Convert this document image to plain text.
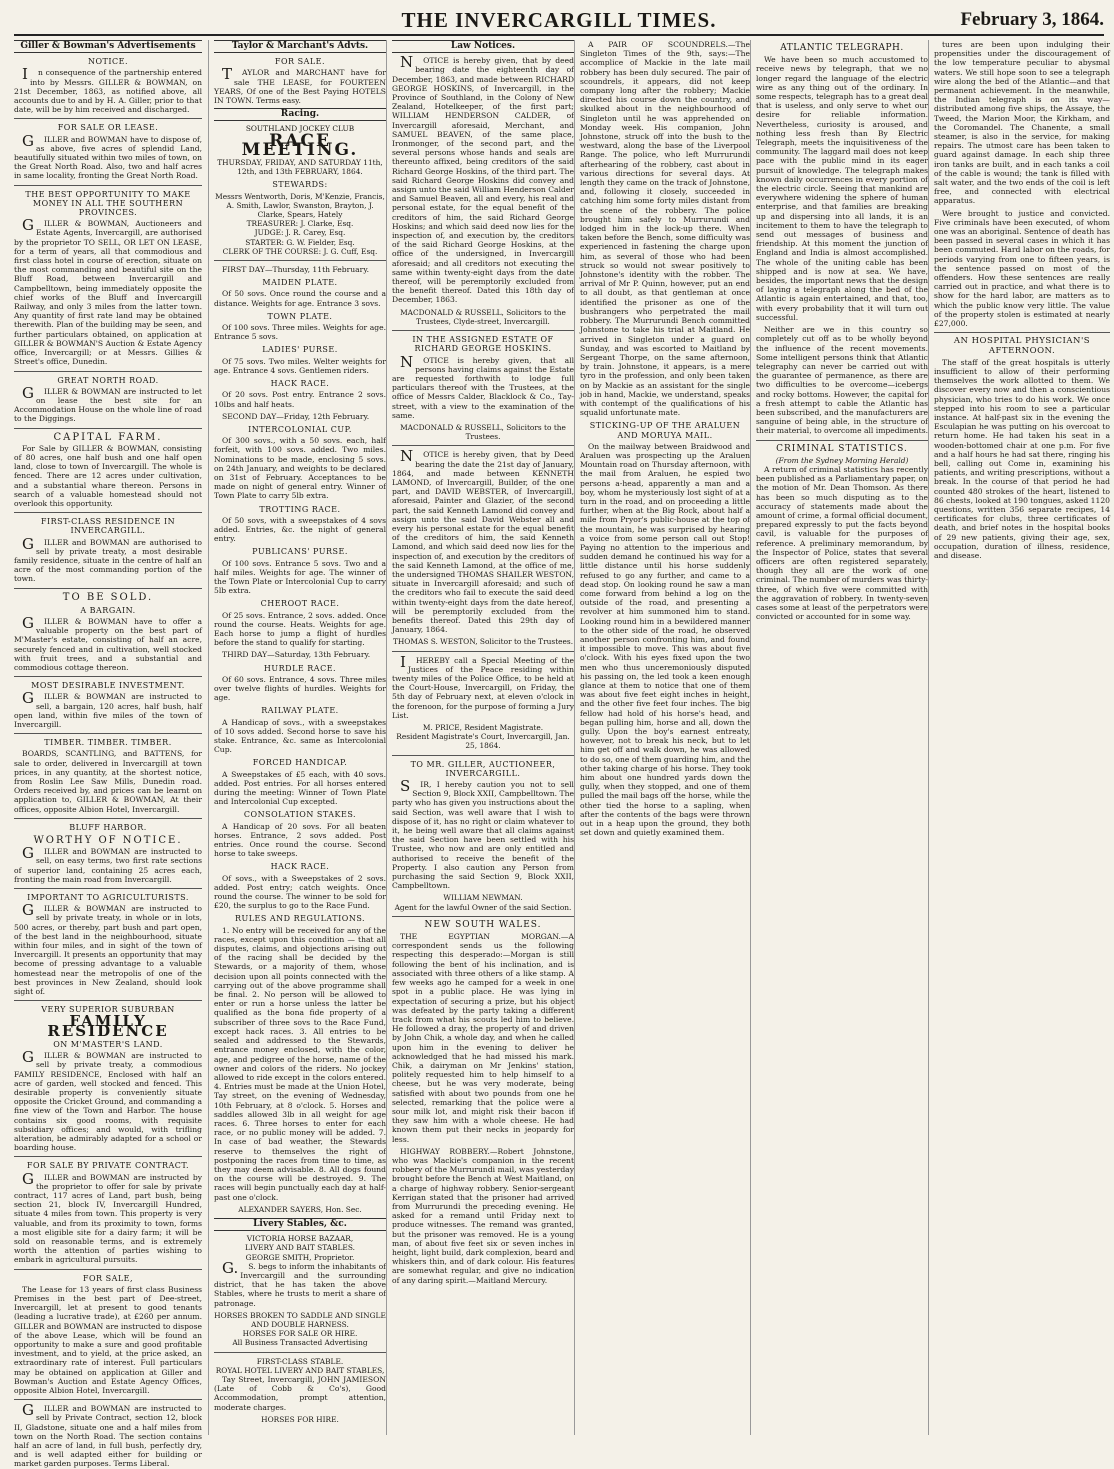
THE INVERCARGILL TIMES.	February 3, 1864.
Giller & Bowman's Advertisements
NOTICE.

In consequence of the partnership entered into by Messrs. GILLER & BOWMAN, on 21st December, 1863, as notified above, all accounts due to and by H. A. Giller, prior to that date, will be by him received and discharged.

FOR SALE OR LEASE.

GILLER and BOWMAN have to dispose of, as above, five acres of splendid Land, beautifully situated within two miles of town, on the Great North Road. Also, two and half acres in same locality, fronting the Great North Road.

THE BEST OPPORTUNITY TO MAKE MONEY IN ALL THE SOUTHERN PROVINCES.

GILLER & BOWMAN, Auctioneers and Estate Agents, Invercargill, are authorised by the proprietor TO SELL, OR LET ON LEASE, for a term of years, all that commodious and first class hotel in course of erection, situate on the most commanding and beautiful site on the Bluff Road, between Invercargill and Campbelltown, being immediately opposite the chief works of the Bluff and Invercargill Railway, and only 3 miles from the latter town. Any quantity of first rate land may be obtained therewith. Plan of the building may be seen, and further particulars obtained, on application at GILLER & BOWMAN'S Auction & Estate Agency office, Invercargill; or at Messrs. Gillies & Street's office, Dunedin.

GREAT NORTH ROAD.

GILLER & BOWMAN are instructed to let on lease the best site for an Accommodation House on the whole line of road to the Diggings.

CAPITAL FARM.

For Sale by GILLER & BOWMAN, consisting of 80 acres, one half bush and one half open land, close to town of Invercargill. The whole is fenced. There are 12 acres under cultivation, and a substantial whare thereon. Persons in search of a valuable homestead should not overlook this opportunity.

FIRST-CLASS RESIDENCE IN INVERCARGILL.

GILLER and BOWMAN are authorised to sell by private treaty, a most desirable family residence, situate in the centre of half an acre of the most commanding portion of the town.

TO BE SOLD.
A BARGAIN.

GILLER & BOWMAN have to offer a valuable property on the best part of M'Master's estate, consisting of half an acre, securely fenced and in cultivation, well stocked with fruit trees, and a substantial and commodious cottage thereon.

MOST DESIRABLE INVESTMENT.

GILLER & BOWMAN are instructed to sell, a bargain, 120 acres, half bush, half open land, within five miles of the town of Invercargill.

TIMBER. TIMBER. TIMBER.

BOARDS, SCANTLING, and BATTENS, for sale to order, delivered in Invercargill at town prices, in any quantity, at the shortest notice, from Roslin Lee Saw Mills, Dunedin road. Orders received by, and prices can be learnt on application to, GILLER & BOWMAN, At their offices, opposite Albion Hotel, Invercargill.

BLUFF HARBOR.
WORTHY OF NOTICE.

GILLER and BOWMAN are instructed to sell, on easy terms, two first rate sections of superior land, containing 25 acres each, fronting the main road from Invercargill.

IMPORTANT TO AGRICULTURISTS.

GILLER & BOWMAN are instructed to sell by private treaty, in whole or in lots, 500 acres, or thereby, part bush and part open, of the best land in the neighbourhood, situate within four miles, and in sight of the town of Invercargill. It presents an opportunity that may become of pressing advantage to a valuable homestead near the metropolis of one of the best provinces in New Zealand, should look sight of.

VERY SUPERIOR SUBURBAN
FAMILY RESIDENCE
ON M'MASTER'S LAND.

GILLER & BOWMAN are instructed to sell by private treaty, a commodious FAMILY RESIDENCE, Enclosed with half an acre of garden, well stocked and fenced. This desirable property is conveniently situate opposite the Cricket Ground, and commanding a fine view of the Town and Harbor. The house contains six good rooms, with requisite subsidiary offices; and would, with trifling alteration, be admirably adapted for a school or boarding house.

FOR SALE BY PRIVATE CONTRACT.

GILLER and BOWMAN are instructed by the proprietor to offer for sale by private contract, 117 acres of Land, part bush, being section 21, block IV, Invercargill Hundred, situate 4 miles from town. This property is very valuable, and from its proximity to town, forms a most eligible site for a dairy farm; it will be sold on reasonable terms, and is extremely worth the attention of parties wishing to embark in agricultural pursuits.

FOR SALE,

The Lease for 13 years of first class Business Premises in the best part of Dee-street, Invercargill, let at present to good tenants (leading a lucrative trade), at £260 per annum. GILLER and BOWMAN are instructed to dispose of the above Lease, which will be found an opportunity to make a sure and good profitable investment, and to yield, at the price asked, an extraordinary rate of interest. Full particulars may be obtained on application at Giller and Bowman's Auction and Estate Agency Offices, opposite Albion Hotel, Invercargill.

GILLER and BOWMAN are instructed to sell by Private Contract, section 12, block II, Gladstone, situate one and a half miles from town on the North Road. The section contains half an acre of land, in full bush, perfectly dry, and is well adapted either for building or market garden purposes. Terms Liberal.

Taylor & Marchant's Advts.
FOR SALE.

TAYLOR and MARCHANT have for sale THE LEASE, for FOURTEEN YEARS, Of one of the Best Paying HOTELS IN TOWN. Terms easy.

Racing.
SOUTHLAND JOCKEY CLUB
RACE MEETING.
THURSDAY, FRIDAY, AND SATURDAY 11th, 12th, and 13th FEBRUARY, 1864.
STEWARDS:
Messrs Wentworth, Doris, M'Kenzie, Francis, A. Smith, Lawlor, Swanston, Brayton, J. Clarke, Spears, Hately
TREASURER: J. Clarke, Esq.
JUDGE: J. R. Carey, Esq.
STARTER: G. W. Fielder, Esq.
CLERK OF THE COURSE: J. G. Cuff, Esq.

FIRST DAY—Thursday, 11th February.

MAIDEN PLATE.

Of 50 sovs. Once round the course and a distance. Weights for age. Entrance 3 sovs.

TOWN PLATE.

Of 100 sovs. Three miles. Weights for age. Entrance 5 sovs.

LADIES' PURSE.

Of 75 sovs. Two miles. Welter weights for age. Entrance 4 sovs. Gentlemen riders.

HACK RACE.

Of 20 sovs. Post entry. Entrance 2 sovs. 10lbs and half heats.

SECOND DAY—Friday, 12th February.

INTERCOLONIAL CUP.

Of 300 sovs., with a 50 sovs. each, half forfeit, with 100 sovs. added. Two miles. Nominations to be made, enclosing 5 sovs. on 24th January, and weights to be declared on 31st of February. Acceptances to be made on night of general entry. Winner of Town Plate to carry 5lb extra.

TROTTING RACE.

Of 50 sovs, with a sweepstakes of 4 sovs added. Entries, &c. the night of general entry.

PUBLICANS' PURSE.

Of 100 sovs. Entrance 5 sovs. Two and a half miles. Weights for age. The winner of the Town Plate or Intercolonial Cup to carry 5lb extra.

CHEROOT RACE.

Of 25 sovs. Entrance, 2 sovs. added. Once round the course. Heats. Weights for age. Each horse to jump a flight of hurdles before the stand to qualify for starting.

THIRD DAY—Saturday, 13th February.

HURDLE RACE.

Of 60 sovs. Entrance, 4 sovs. Three miles over twelve flights of hurdles. Weights for age.

RAILWAY PLATE.

A Handicap of sovs., with a sweepstakes of 10 sovs added. Second horse to save his stake. Entrance, &c. same as Intercolonial Cup.

FORCED HANDICAP.

A Sweepstakes of £5 each, with 40 sovs. added. Post entries. For all horses entered during the meeting: Winner of Town Plate and Intercolonial Cup excepted.

CONSOLATION STAKES.

A Handicap of 20 sovs. For all beaten horses. Entrance, 2 sovs added. Post entries. Once round the course. Second horse to take sweeps.

HACK RACE.

Of sovs., with a Sweepstakes of 2 sovs. added. Post entry; catch weights. Once round the course. The winner to be sold for £20, the surplus to go to the Race Fund.

RULES AND REGULATIONS.

1. No entry will be received for any of the races, except upon this condition — that all disputes, claims, and objections arising out of the racing shall be decided by the Stewards, or a majority of them, whose decision upon all points connected with the carrying out of the above programme shall be final. 2. No person will be allowed to enter or run a horse unless the latter be qualified as the bona fide property of a subscriber of three sovs to the Race Fund, except hack races. 3. All entries to be sealed and addressed to the Stewards, entrance money enclosed, with the color, age, and pedigree of the horse, name of the owner and colors of the riders. No jockey allowed to ride except in the colors entered. 4. Entries must be made at the Union Hotel, Tay street, on the evening of Wednesday, 10th February, at 8 o'clock. 5. Horses and saddles allowed 3lb in all weight for age races. 6. Three horses to enter for each race, or no public money will be added. 7. In case of bad weather, the Stewards reserve to themselves the right of postponing the races from time to time, as they may deem advisable. 8. All dogs found on the course will be destroyed. 9. The races will begin punctually each day at half-past one o'clock.

ALEXANDER SAYERS, Hon. Sec.
Livery Stables, &c.
VICTORIA HORSE BAZAAR,
LIVERY AND BAIT STABLES.
GEORGE SMITH, Proprietor.

G.S. begs to inform the inhabitants of Invercargill and the surrounding district, that he has taken the above Stables, where he trusts to merit a share of patronage.

HORSES BROKEN TO SADDLE AND SINGLE AND DOUBLE HARNESS.
HORSES FOR SALE OR HIRE.
All Business Transacted Advertising
FIRST-CLASS STABLE.
ROYAL HOTEL LIVERY AND BAIT STABLES,

Tay Street, Invercargill, JOHN JAMIESON (Late of Cobb & Co's), Good Accommodation, prompt attention, moderate charges.

HORSES FOR HIRE.
Law Notices.

NOTICE is hereby given, that by deed bearing date the eighteenth day of December, 1863, and made between RICHARD GEORGE HOSKINS, of Invercargill, in the Province of Southland, in the Colony of New Zealand, Hotelkeeper, of the first part; WILLIAM HENDERSON CALDER, of Invercargill aforesaid, Merchant, and SAMUEL BEAVEN, of the same place, Ironmonger, of the second part, and the several persons whose hands and seals are thereunto affixed, being creditors of the said Richard George Hoskins, of the third part. The said Richard George Hoskins did convey and assign unto the said William Henderson Calder and Samuel Beaven, all and every, his real and personal estate, for the equal benefit of the creditors of him, the said Richard George Hoskins; and which said deed now lies for the inspection of, and execution by, the creditors of the said Richard George Hoskins, at the office of the undersigned, in Invercargill aforesaid; and all creditors not executing the same within twenty-eight days from the date thereof, will be peremptorily excluded from the benefit thereof. Dated this 18th day of December, 1863.

MACDONALD & RUSSELL, Solicitors to the Trustees, Clyde-street, Invercargill.
IN THE ASSIGNED ESTATE OF RICHARD GEORGE HOSKINS.

NOTICE is hereby given, that all persons having claims against the Estate are requested forthwith to lodge full particulars thereof with the Trustees, at the office of Messrs Calder, Blacklock & Co., Tay-street, with a view to the examination of the same.

MACDONALD & RUSSELL, Solicitors to the Trustees.

NOTICE is hereby given, that by Deed bearing the date the 21st day of January, 1864, and made between KENNETH LAMOND, of Invercargill, Builder, of the one part, and DAVID WEBSTER, of Invercargill, aforesaid, Painter and Glazier, of the second part, the said Kenneth Lamond did convey and assign unto the said David Webster all and every his personal estate for the equal benefit of the creditors of him, the said Kenneth Lamond, and which said deed now lies for the inspection of, and execution by the creditors of the said Kenneth Lamond, at the office of me, the undersigned THOMAS SHAILER WESTON, situate in Invercargill aforesaid; and such of the creditors who fail to execute the said deed within twenty-eight days from the date hereof, will be peremptorily excluded from the benefits thereof. Dated this 29th day of January, 1864.

THOMAS S. WESTON, Solicitor to the Trustees.

IHEREBY call a Special Meeting of the Justices of the Peace residing within twenty miles of the Police Office, to be held at the Court-House, Invercargill, on Friday, the 5th day of February next, at eleven o'clock in the forenoon, for the purpose of forming a Jury List.

M. PRICE, Resident Magistrate.
Resident Magistrate's Court, Invercargill, Jan. 25, 1864.
TO MR. GILLER, AUCTIONEER, INVERCARGILL.

SIR, I hereby caution you not to sell Section 9, Block XXII, Campbelltown. The party who has given you instructions about the said Section, was well aware that I wish to dispose of it, has no right or claim whatever to it, he being well aware that all claims against the said Section have been settled with his Trustee, who now and are only entitled and authorised to receive the benefit of the Property. I also caution any Person from purchasing the said Section 9, Block XXII, Campbelltown.

WILLIAM NEWMAN.
Agent for the lawful Owner of the said Section.
NEW SOUTH WALES.

THE EGYPTIAN MORGAN.—A correspondent sends us the following respecting this desperado:—Morgan is still following the bent of his inclination, and is associated with three others of a like stamp. A few weeks ago he camped for a week in one spot in a public place. He was lying in expectation of securing a prize, but his object was defeated by the party taking a different track from what his scouts led him to believe. He followed a dray, the property of and driven by John Chik, a whole day, and when he called upon him in the evening to deliver he acknowledged that he had missed his mark. Chik, a dairyman on Mr Jenkins' station, politely requested him to help himself to a cheese, but he was very moderate, being satisfied with about two pounds from one he selected, remarking that the police were a sour milk lot, and might risk their bacon if they saw him with a whole cheese. He had known them put their necks in jeopardy for less.

HIGHWAY ROBBERY.—Robert Johnstone, who was Mackie's companion in the recent robbery of the Murrurundi mail, was yesterday brought before the Bench at West Maitland, on a charge of highway robbery. Senior-sergeant Kerrigan stated that the prisoner had arrived from Murrurundi the preceding evening. He asked for a remand until Friday next to produce witnesses. The remand was granted, but the prisoner was removed. He is a young man, of about five feet six or seven inches in height, light build, dark complexion, beard and whiskers thin, and of dark colour. His features are somewhat regular, and give no indication of any daring spirit.—Maitland Mercury.

A PAIR OF SCOUNDRELS.—The Singleton Times of the 9th, says:—The accomplice of Mackie in the late mail robbery has been duly secured. The pair of scoundrels, it appears, did not keep company long after the robbery; Mackie directed his course down the country, and skulked about in the neighbourhood of Singleton until he was apprehended on Monday week. His companion, John Johnstone, struck off into the bush to the westward, along the base of the Liverpool Range. The police, who left Murrurundi afterhearing of the robbery, cast about in various directions for several days. At length they came on the track of Johnstone, and, following it closely, succeeded in catching him some forty miles distant from the scene of the robbery. The police brought him safely to Murrurundi and lodged him in the lock-up there. When taken before the Bench, some difficulty was experienced in fastening the charge upon him, as several of those who had been struck so would not swear positively to Johnstone's identity with the robber. The arrival of Mr P. Quinn, however, put an end to all doubt, as that gentleman at once identified the prisoner as one of the bushrangers who perpetrated the mail robbery. The Murrurundi Bench committed Johnstone to take his trial at Maitland. He arrived in Singleton under a guard on Sunday, and was escorted to Maitland by Sergeant Thorpe, on the same afternoon, by train. Johnstone, it appears, is a mere tyro in the profession, and only been taken on by Mackie as an assistant for the single job in hand, Mackie, we understand, speaks with contempt of the qualifications of his squalid unfortunate mate.

STICKING-UP OF THE ARALUEN AND MORUYA MAIL.

On the mailway between Braidwood and Araluen was prospecting up the Araluen Mountain road on Thursday afternoon, with the mail from Araluen, he espied two persons a-head, apparently a man and a boy, whom he mysteriously lost sight of at a turn in the road, and on proceeding a little further, when at the Big Rock, about half a mile from Pryor's public-house at the top of the mountain, he was surprised by hearing a voice from some person call out Stop! Paying no attention to the imperious and sudden demand he continued his way for a little distance until his horse suddenly refused to go any further, and came to a dead stop. On looking round he saw a man come forward from behind a log on the outside of the road, and presenting a revolver at him summoned him to stand. Looking round him in a bewildered manner to the other side of the road, he observed another person confronting him, and found it impossible to move. This was about five o'clock. With his eyes fixed upon the two men who thus unceremoniously disputed his passing on, the led took a keen enough glance at them to notice that one of them was about five feet eight inches in height, and the other five feet four inches. The big fellow had hold of his horse's head, and began pulling him, horse and all, down the gully. Upon the boy's earnest entreaty, however, not to break his neck, but to let him get off and walk down, he was allowed to do so, one of them guarding him, and the other taking charge of his horse. They took him about one hundred yards down the gully, when they stopped, and one of them pulled the mail bags off the horse, while the other tied the horse to a sapling, when after the contents of the bags were thrown out in a heap upon the ground, they both set down and quietly examined them.

ATLANTIC TELEGRAPH.

We have been so much accustomed to receive news by telegraph, that we no longer regard the language of the electric wire as any thing out of the ordinary. In some respects, telegraph has to a great deal that is useless, and only serve to whet our desire for reliable information. Nevertheless, curiosity is aroused, and nothing less fresh than By Electric Telegraph, meets the inquisitiveness of the community. The laggard mail does not keep pace with the public mind in its eager pursuit of knowledge. The telegraph makes known daily occurrences in every portion of the electric circle. Seeing that mankind are everywhere widening the sphere of human enterprise, and that families are breaking up and dispersing into all lands, it is an incitement to them to have the telegraph to send out messages of business and friendship. At this moment the junction of England and India is almost accomplished. The whole of the uniting cable has been shipped and is now at sea. We have, besides, the important news that the design of laying a telegraph along the bed of the Atlantic is again entertained, and that, too, with every probability that it will turn out successful.

Neither are we in this country so completely cut off as to be wholly beyond the influence of the recent movements. Some intelligent persons think that Atlantic telegraphy can never be carried out with the guarantee of permanence, as there are two difficulties to be overcome—icebergs and rocky bottoms. However, the capital for a fresh attempt to cable the Atlantic has been subscribed, and the manufacturers are sanguine of being able, in the structure of their material, to overcome all impediments.

CRIMINAL STATISTICS.
(From the Sydney Morning Herald)

A return of criminal statistics has recently been published as a Parliamentary paper, on the motion of Mr. Dean Thomson. As there has been so much disputing as to the accuracy of statements made about the amount of crime, a formal official document, prepared expressly to put the facts beyond cavil, is valuable for the purposes of reference. A preliminary memorandum, by the Inspector of Police, states that several officers are often registered separately, though they all are the work of one criminal. The number of murders was thirty-three, of which five were committed with the aggravation of robbery. In twenty-seven cases some at least of the perpetrators were convicted or accounted for in some way.

tures are been upon indulging their propensities under the discouragement of the low temperature peculiar to abysmal waters. We still hope soon to see a telegraph wire along the bed of the Atlantic—and that permanent achievement. In the meanwhile, the Indian telegraph is on its way—distributed among five ships, the Assaye, the Tweed, the Marion Moor, the Kirkham, and the Coromandel. The Chanente, a small steamer, is also in the service, for making repairs. The utmost care has been taken to guard against damage. In each ship three iron tanks are built, and in each tanks a coil of the cable is wound; the tank is filled with salt water, and the two ends of the coil is left free, and connected with electrical apparatus.

Were brought to justice and convicted. Five criminals have been executed, of whom one was an aboriginal. Sentence of death has been passed in several cases in which it has been commuted. Hard labor on the roads, for periods varying from one to fifteen years, is the sentence passed on most of the offenders. How these sentences are really carried out in practice, and what there is to show for the hard labor, are matters as to which the public know very little. The value of the property stolen is estimated at nearly £27,000.

AN HOSPITAL PHYSICIAN'S AFTERNOON.

The staff of the great hospitals is utterly insufficient to allow of their performing themselves the work allotted to them. We discover every now and then a conscientious physician, who tries to do his work. We once stepped into his room to see a particular instance. At half-past six in the evening the Esculapian he was putting on his overcoat to return home. He had taken his seat in a wooden-bottomed chair at one p.m. For five and a half hours he had sat there, ringing his bell, calling out Come in, examining his patients, and writing prescriptions, without a break. In the course of that period he had counted 480 strokes of the heart, listened to 86 chests, looked at 190 tongues, asked 1120 questions, written 356 separate recipes, 14 certificates for clubs, three certificates of death, and brief notes in the hospital books of 29 new patients, giving their age, sex, occupation, duration of illness, residence, and disease.
